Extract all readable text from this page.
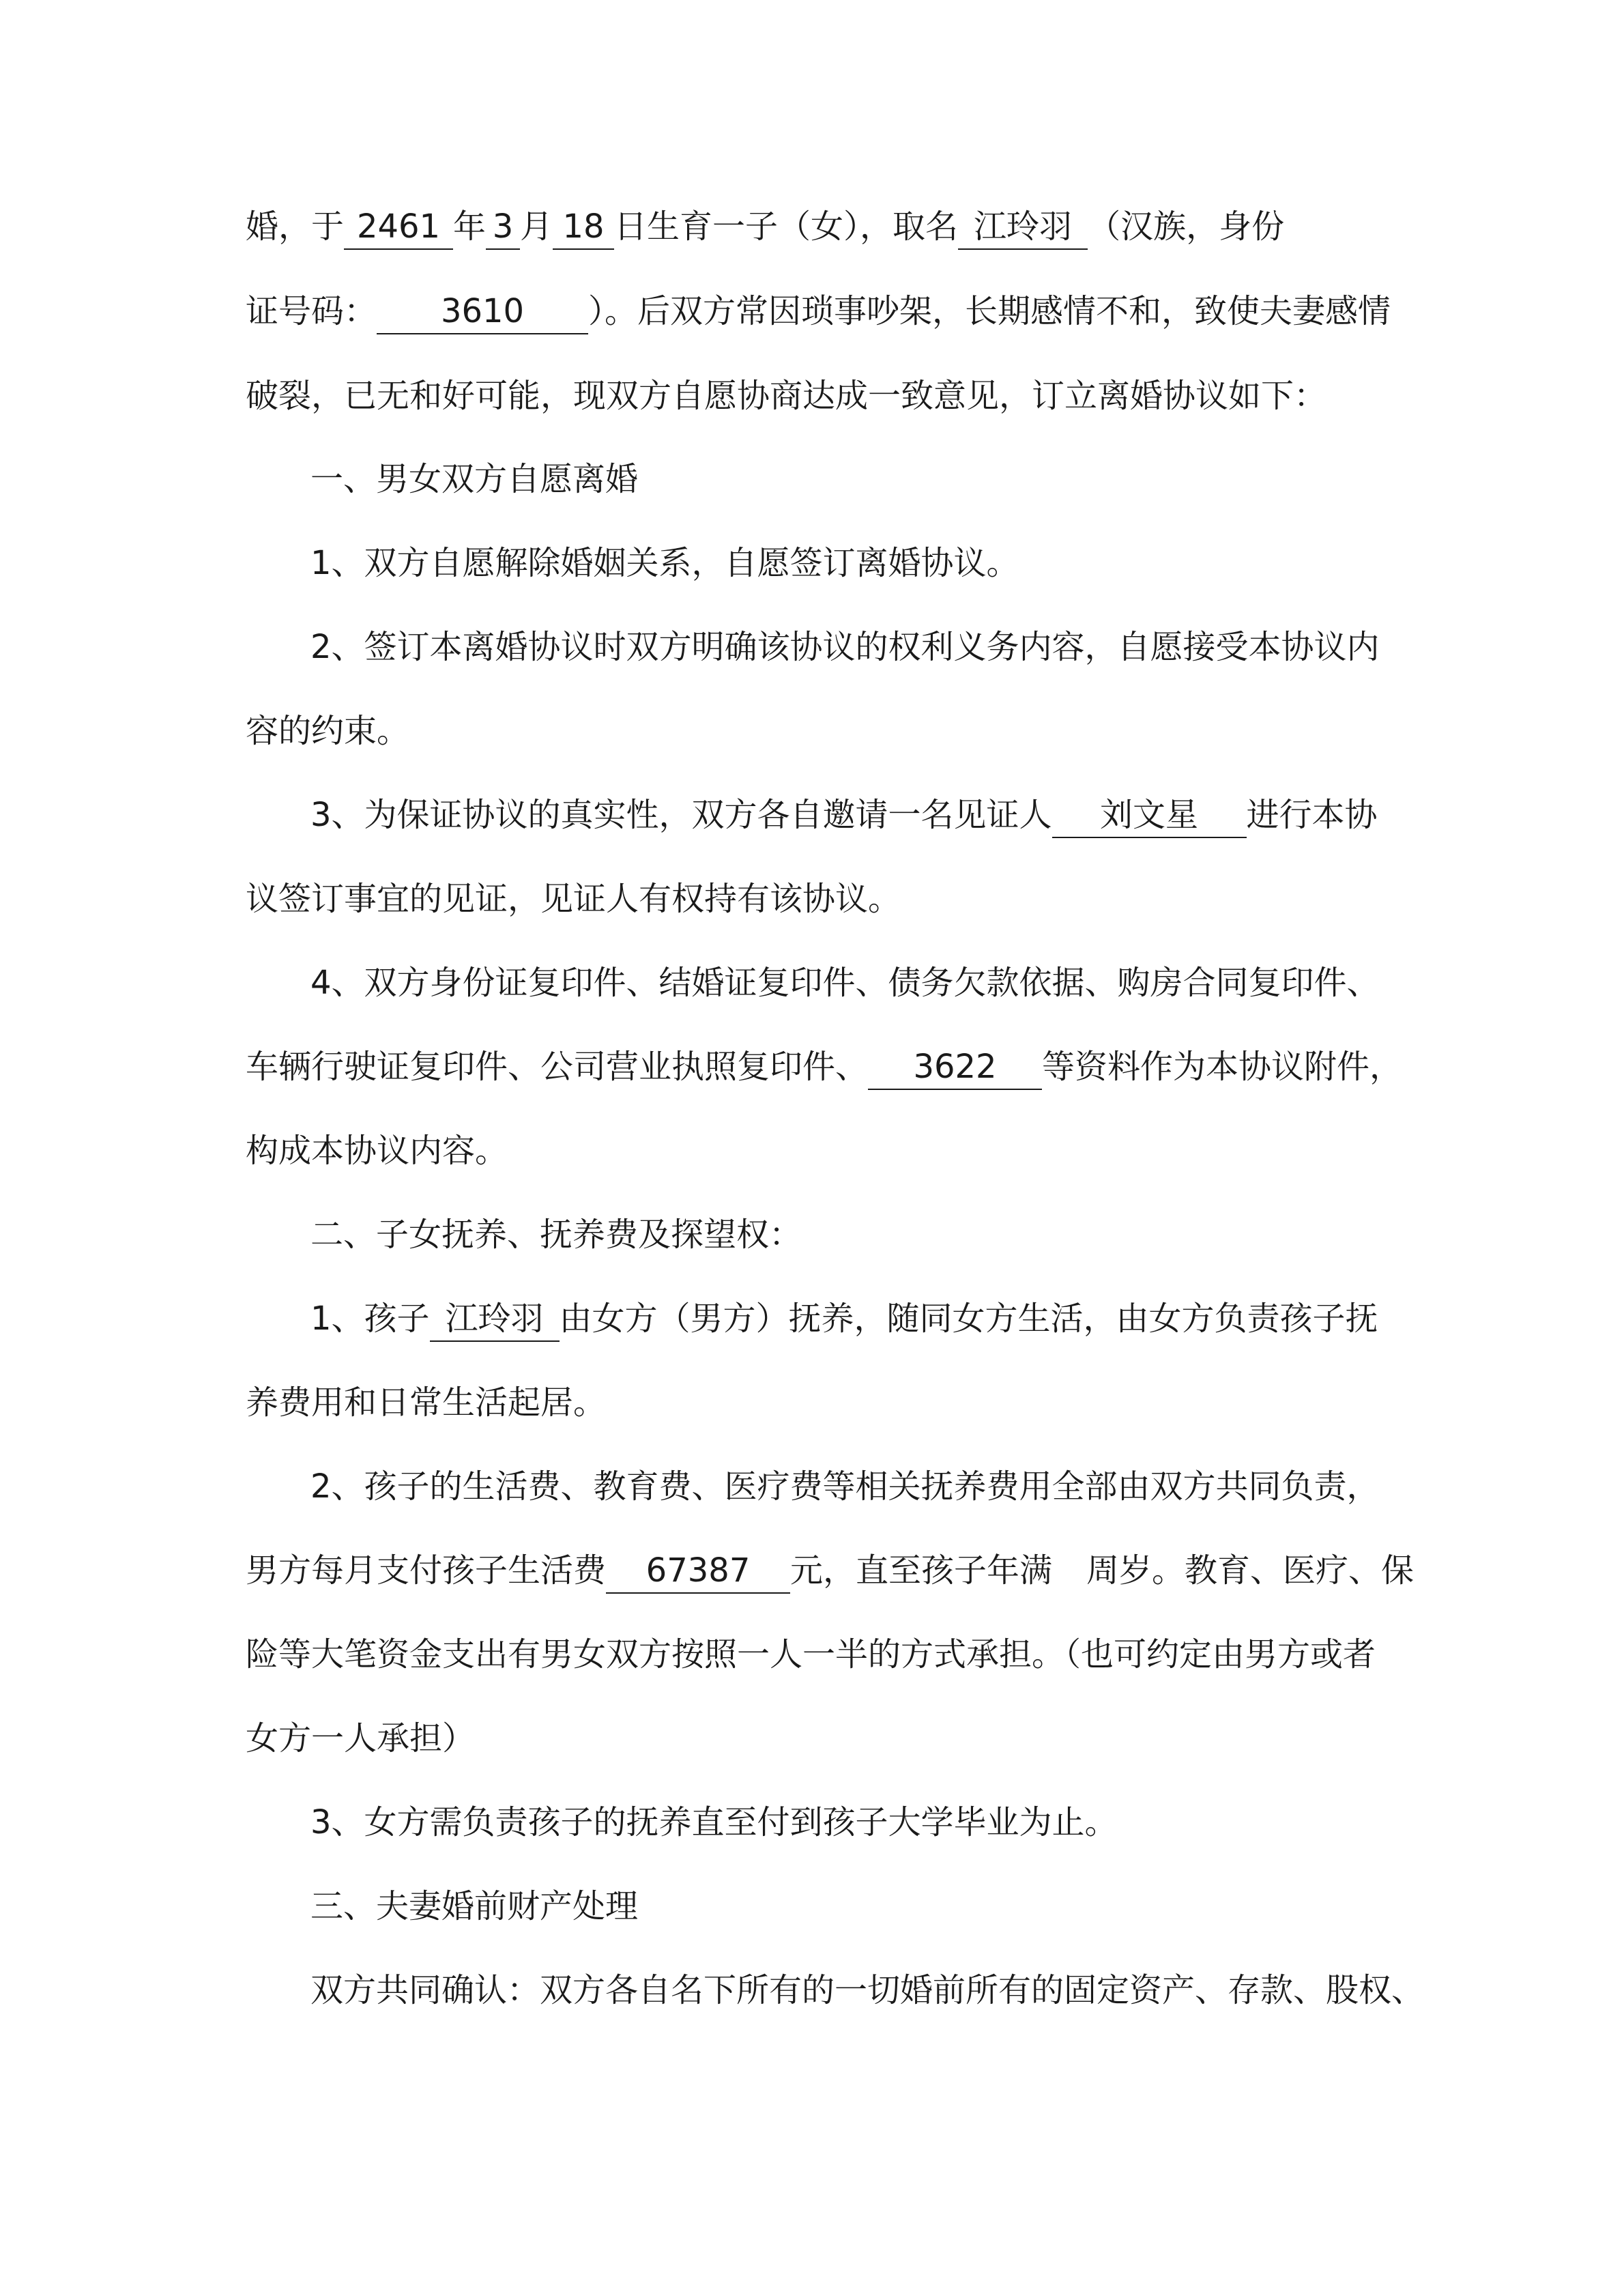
婚，于 2461 年 3 月 18 日生育一子（女），取名 江玲羽 （汉族，身份
证号码： 3610 ）。后双方常因琐事吵架，长期感情不和，致使夫妻感情
破裂，已无和好可能，现双方自愿协商达成一致意见，订立离婚协议如下：
一、男女双方自愿离婚
1、双方自愿解除婚姻关系，自愿签订离婚协议。
2、签订本离婚协议时双方明确该协议的权利义务内容，自愿接受本协议内
容的约束。
3、为保证协议的真实性，双方各自邀请一名见证人 刘文星 进行本协
议签订事宜的见证，见证人有权持有该协议。
4、双方身份证复印件、结婚证复印件、债务欠款依据、购房合同复印件、
车辆行驶证复印件、公司营业执照复印件、 3622 等资料作为本协议附件，
构成本协议内容。
二、子女抚养、抚养费及探望权：
1、孩子 江玲羽 由女方（男方）抚养，随同女方生活，由女方负责孩子抚
养费用和日常生活起居。
2、孩子的生活费、教育费、医疗费等相关抚养费用全部由双方共同负责，
男方每月支付孩子生活费 67387 元，直至孩子年满 周岁。教育、医疗、保
险等大笔资金支出有男女双方按照一人一半的方式承担。（也可约定由男方或者
女方一人承担）
3、女方需负责孩子的抚养直至付到孩子大学毕业为止。
三、夫妻婚前财产处理
双方共同确认：双方各自名下所有的一切婚前所有的固定资产、存款、股权、
